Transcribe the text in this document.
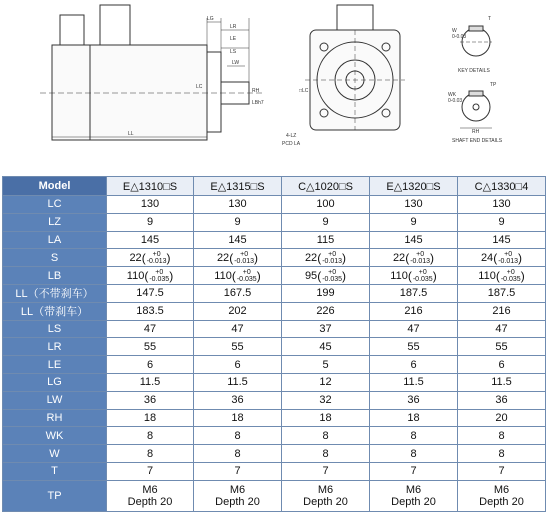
LG
LR
LE
LS
LW
LL
RH
LBh7
LC
4-LZ
PCD LA
□LC
T
W
0-0.03
KEY DETAILS
TP
RH
WK
0-0.03
SHAFT END DETAILS
Model	E△1310□S	E△1315□S	C△1020□S	E△1320□S	C△1330□4
LC	130	130	100	130	130
LZ	9	9	9	9	9
LA	145	145	115	145	145
S	22 ( +0
-0.013 )	22 ( +0
-0.013 )	22 ( +0
-0.013 )	22 ( +0
-0.013 )	24 ( +0
-0.013 )

LB	110 ( +0
-0.035 )	110 ( +0
-0.035 )	95 ( +0
-0.035 )	110 ( +0
-0.035 )	110 ( +0
-0.035 )

LL（不带刹车）	147.5	167.5	199	187.5	187.5
LL（带刹车）	183.5	202	226	216	216
LS	47	47	37	47	47
LR	55	55	45	55	55
LE	6	6	5	6	6
LG	11.5	11.5	12	11.5	11.5
LW	36	36	32	36	36
RH	18	18	18	18	20
WK	8	8	8	8	8
W	8	8	8	8	8
T	7	7	7	7	7
TP	M6
Depth 20	M6
Depth 20	M6
Depth 20	M6
Depth 20	M6
Depth 20
